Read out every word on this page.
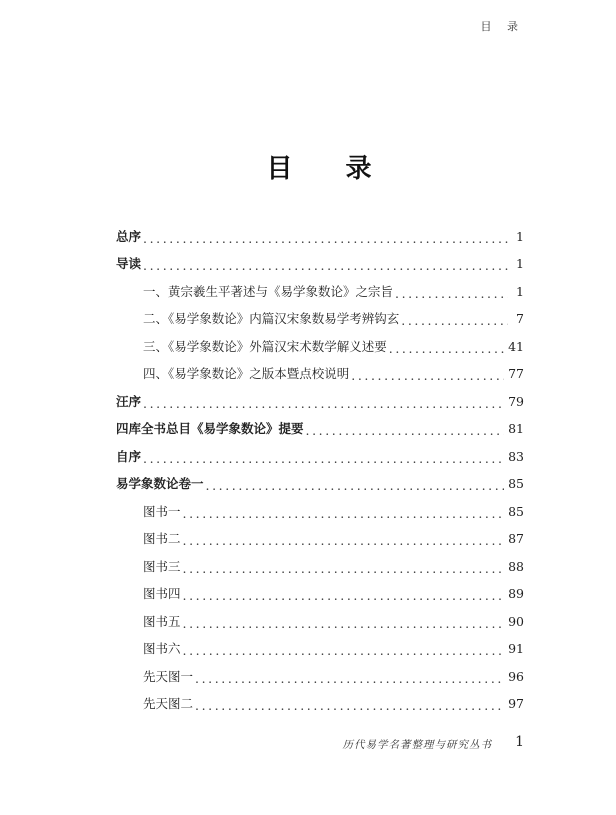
目 录
目 录
总序 .....	1
导读 .....	1
一、黄宗羲生平著述与《易学象数论》之宗旨 .....	1
二、《易学象数论》内篇汉宋象数易学考辨钩玄 .....	7
三、《易学象数论》外篇汉宋术数学解义述要 .....	41
四、《易学象数论》之版本暨点校说明 .....	77
汪序 .....	79
四库全书总目《易学象数论》提要 .....	81
自序 .....	83
易学象数论卷一 .....	85
图书一 .....	85
图书二 .....	87
图书三 .....	88
图书四 .....	89
图书五 .....	90
图书六 .....	91
先天图一 .....	96
先天图二 .....	97
历代易学名著整理与研究丛书 1
